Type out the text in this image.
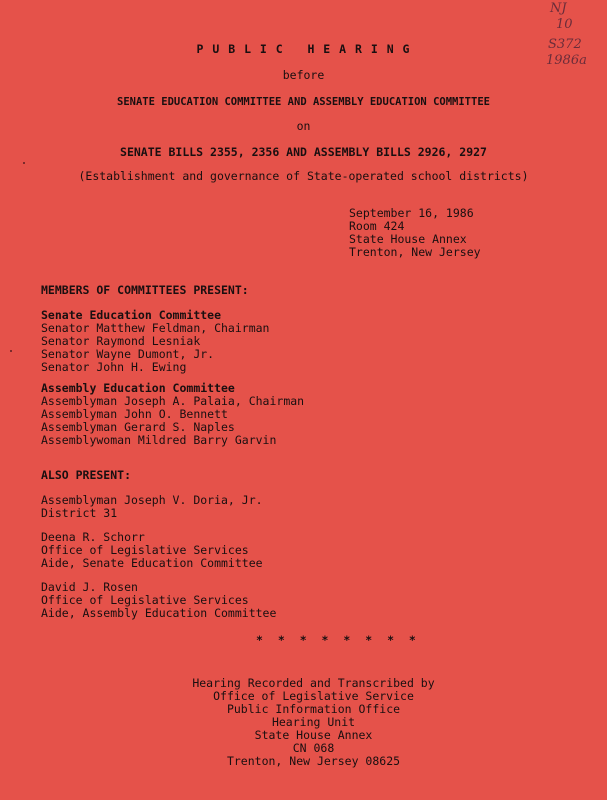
NJ
10
S372
1986a
P U B L I C   H E A R I N G
before
SENATE EDUCATION COMMITTEE AND ASSEMBLY EDUCATION COMMITTEE
on
SENATE BILLS 2355, 2356 AND ASSEMBLY BILLS 2926, 2927
(Establishment and governance of State-operated school districts)
September 16, 1986
Room 424
State House Annex
Trenton, New Jersey
MEMBERS OF COMMITTEES PRESENT:
Senate Education Committee
Senator Matthew Feldman, Chairman
Senator Raymond Lesniak
Senator Wayne Dumont, Jr.
Senator John H. Ewing
Assembly Education Committee
Assemblyman Joseph A. Palaia, Chairman
Assemblyman John O. Bennett
Assemblyman Gerard S. Naples
Assemblywoman Mildred Barry Garvin
ALSO PRESENT:
Assemblyman Joseph V. Doria, Jr.
District 31
Deena R. Schorr
Office of Legislative Services
Aide, Senate Education Committee
David J. Rosen
Office of Legislative Services
Aide, Assembly Education Committee
* * * * * * * *
Hearing Recorded and Transcribed by
Office of Legislative Service
Public Information Office
Hearing Unit
State House Annex
CN 068
Trenton, New Jersey 08625
